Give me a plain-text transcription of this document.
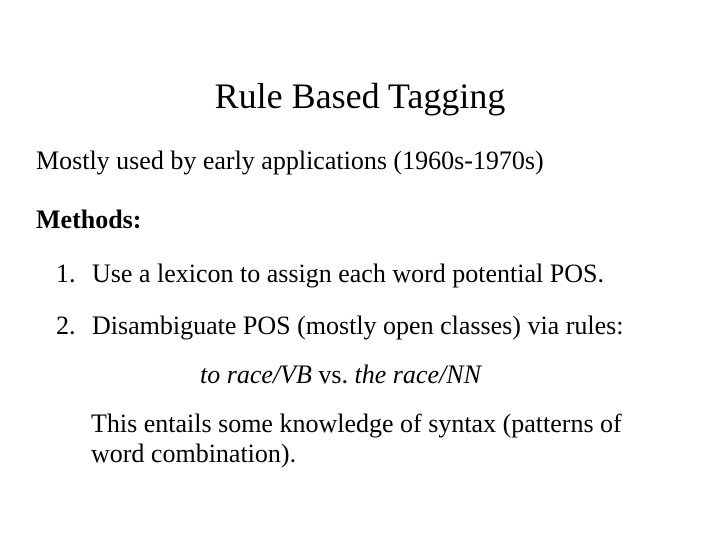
Rule Based Tagging
Mostly used by early applications (1960s-1970s)
Methods:
1. Use a lexicon to assign each word potential POS.
2. Disambiguate POS (mostly open classes) via rules:
to race/VB vs. the race/NN
This entails some knowledge of syntax (patterns of
word combination).
